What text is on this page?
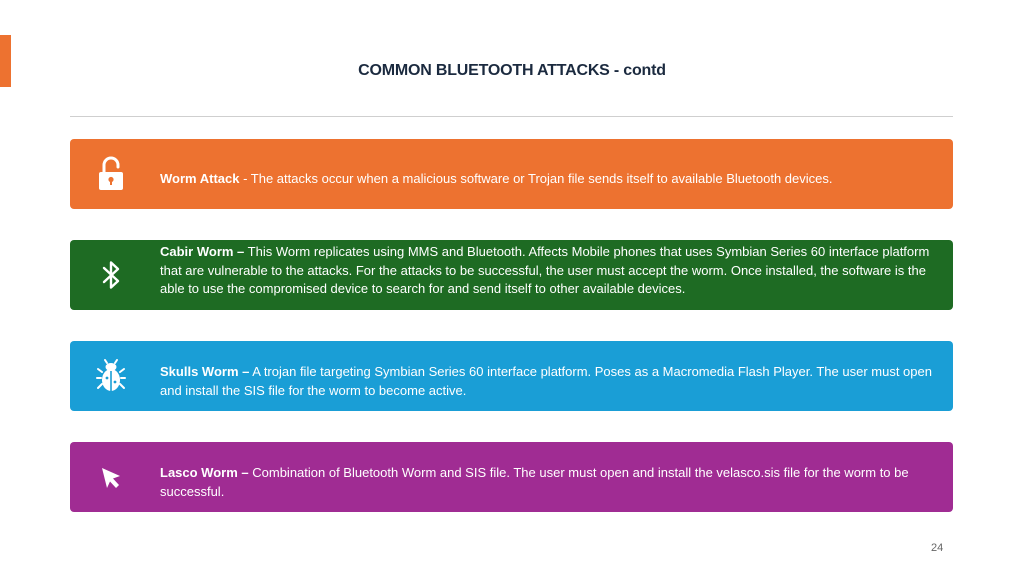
COMMON BLUETOOTH ATTACKS - contd
Worm Attack - The attacks occur when a malicious software or Trojan file sends itself to available Bluetooth devices.
Cabir Worm – This Worm replicates using MMS and Bluetooth. Affects Mobile phones that uses Symbian Series 60 interface platform that are vulnerable to the attacks. For the attacks to be successful, the user must accept the worm. Once installed, the software is the able to use the compromised device to search for and send itself to other available devices.
Skulls Worm – A trojan file targeting Symbian Series 60 interface platform. Poses as a Macromedia Flash Player. The user must open and install the SIS file for the worm to become active.
Lasco Worm – Combination of Bluetooth Worm and SIS file. The user must open and install the velasco.sis file for the worm to be successful.
24
